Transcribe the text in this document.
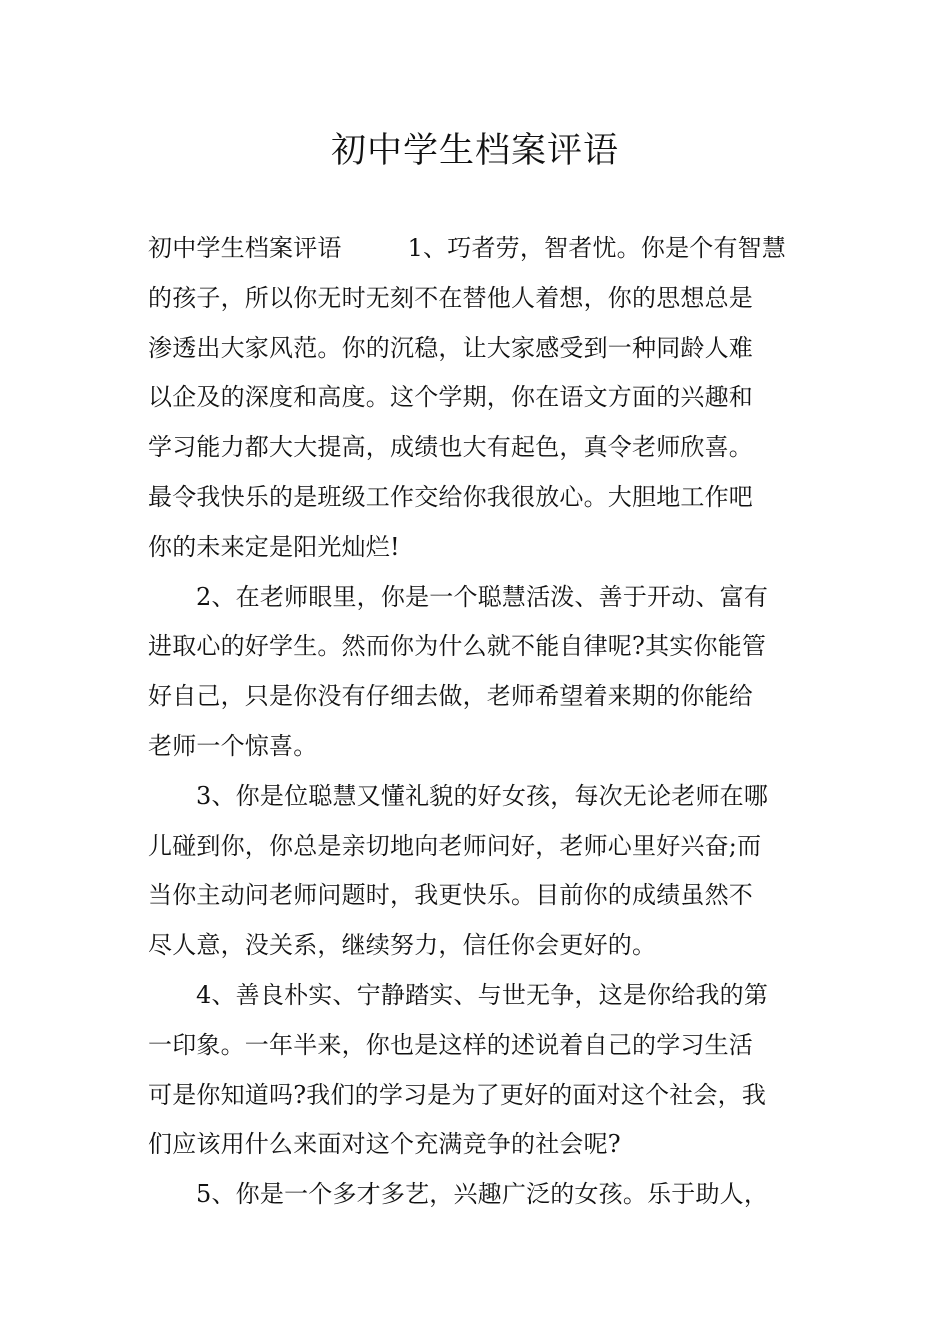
初中学生档案评语
初中学生档案评语	1、巧者劳，智者忧。你是个有智慧
的孩子，所以你无时无刻不在替他人着想，你的思想总是
渗透出大家风范。你的沉稳，让大家感受到一种同龄人难
以企及的深度和高度。这个学期，你在语文方面的兴趣和
学习能力都大大提高，成绩也大有起色，真令老师欣喜。
最令我快乐的是班级工作交给你我很放心。大胆地工作吧
你的未来定是阳光灿烂!
2、在老师眼里，你是一个聪慧活泼、善于开动、富有
进取心的好学生。然而你为什么就不能自律呢?其实你能管
好自己，只是你没有仔细去做，老师希望着来期的你能给
老师一个惊喜。
3、你是位聪慧又懂礼貌的好女孩，每次无论老师在哪
儿碰到你，你总是亲切地向老师问好，老师心里好兴奋;而
当你主动问老师问题时，我更快乐。目前你的成绩虽然不
尽人意，没关系，继续努力，信任你会更好的。
4、善良朴实、宁静踏实、与世无争，这是你给我的第
一印象。一年半来，你也是这样的述说着自己的学习生活
可是你知道吗?我们的学习是为了更好的面对这个社会，我
们应该用什么来面对这个充满竞争的社会呢?
5、你是一个多才多艺，兴趣广泛的女孩。乐于助人，
